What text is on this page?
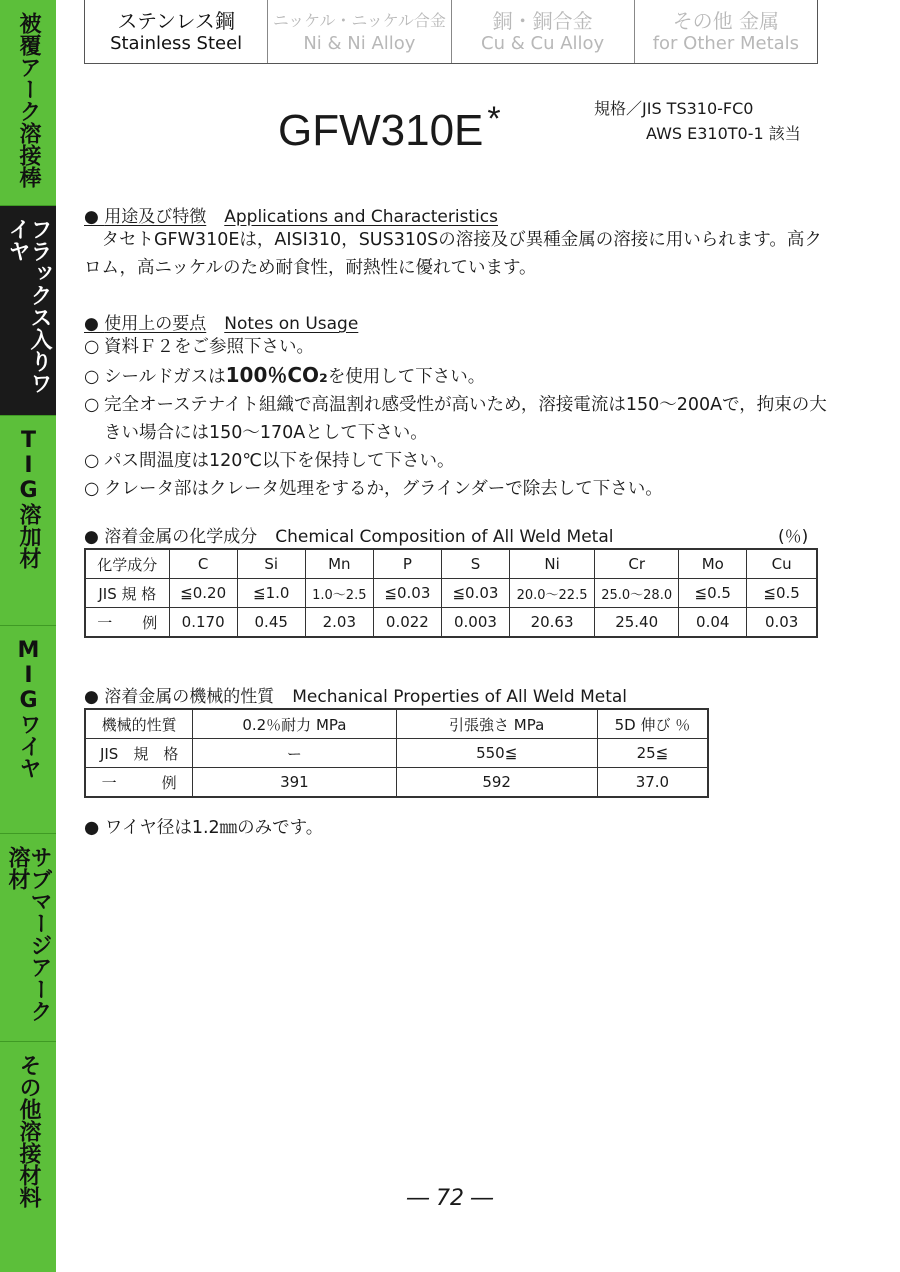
被覆アーク溶接棒
フラックス入りワイヤ
TIG溶加材
MIGワイヤ
サブマージアーク溶材
その他溶接材料
ステンレス鋼
Stainless Steel
ニッケル・ニッケル合金
Ni & Ni Alloy
銅・銅合金
Cu & Cu Alloy
その他 金属
for Other Metals
GFW310E *	規格／JIS TS310-FC0
AWS E310T0-1 該当
● 用途及び特徴 Applications and Characteristics
タセトGFW310Eは，AISI310，SUS310Sの溶接及び異種金属の溶接に用いられます。高クロム，高ニッケルのため耐食性，耐熱性に優れています。
● 使用上の要点 Notes on Usage
○ 資料Ｆ２をご参照下さい。
○ シールドガスは100％CO₂を使用して下さい。
○ 完全オーステナイト組織で高温割れ感受性が高いため，溶接電流は150～200Aで，拘束の大きい場合には150～170Aとして下さい。
○ パス間温度は120℃以下を保持して下さい。
○ クレータ部はクレータ処理をするか，グラインダーで除去して下さい。
● 溶着金属の化学成分 Chemical Composition of All Weld Metal	(％)
化学成分	C	Si	Mn	P	S	Ni	Cr	Mo	Cu
JIS 規 格	≦0.20	≦1.0	1.0～2.5	≦0.03	≦0.03	20.0～22.5	25.0～28.0	≦0.5	≦0.5
一　　例	0.170	0.45	2.03	0.022	0.003	20.63	25.40	0.04	0.03
● 溶着金属の機械的性質 Mechanical Properties of All Weld Metal
機械的性質	0.2％耐力 MPa	引張強さ MPa	5D 伸び ％
JIS　規　格	ー	550≦	25≦
一　　　例	391	592	37.0
● ワイヤ径は1.2㎜のみです。
― 72 ―
